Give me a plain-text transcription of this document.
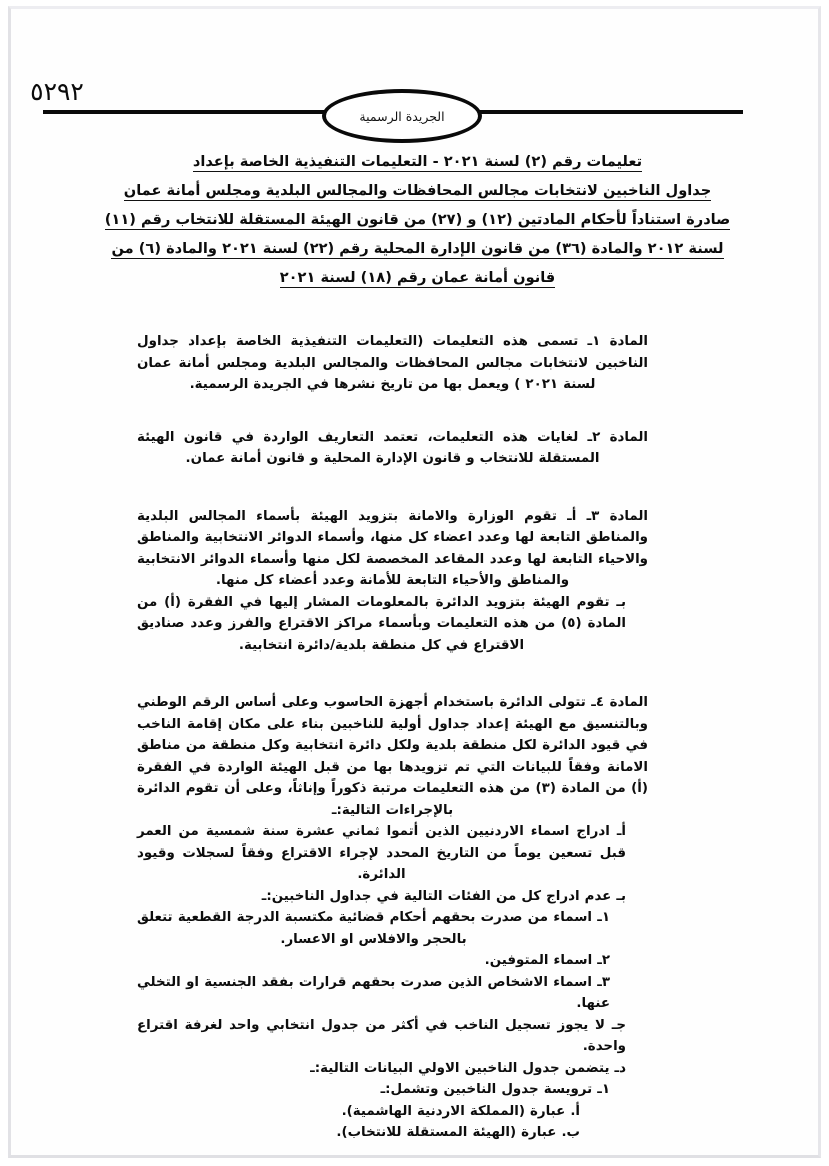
٥٢٩٢
الجريدة الرسمية
تعليمات رقم (٢) لسنة ٢٠٢١ - التعليمات التنفيذية الخاصة بإعداد
جداول الناخبين لانتخابات مجالس المحافظات والمجالس البلدية ومجلس أمانة عمان
صادرة استناداً لأحكام المادتين (١٢) و (٢٧) من قانون الهيئة المستقلة للانتخاب رقم (١١)
لسنة ٢٠١٢ والمادة (٣٦) من قانون الإدارة المحلية رقم (٢٢) لسنة ٢٠٢١ والمادة (٦) من
قانون أمانة عمان رقم (١٨) لسنة ٢٠٢١

المادة ١ـ تسمى هذه التعليمات (التعليمات التنفيذية الخاصة بإعداد جداول الناخبين لانتخابات مجالس المحافظات والمجالس البلدية ومجلس أمانة عمان لسنة ٢٠٢١ ) ويعمل بها من تاريخ نشرها في الجريدة الرسمية.

المادة ٢ـ لغايات هذه التعليمات، تعتمد التعاريف الواردة في قانون الهيئة المستقلة للانتخاب و قانون الإدارة المحلية و قانون أمانة عمان.

المادة ٣ـ أـ تقوم الوزارة والامانة بتزويد الهيئة بأسماء المجالس البلدية والمناطق التابعة لها وعدد اعضاء كل منها، وأسماء الدوائر الانتخابية والمناطق والاحياء التابعة لها وعدد المقاعد المخصصة لكل منها وأسماء الدوائر الانتخابية والمناطق والأحياء التابعة للأمانة وعدد أعضاء كل منها.

بـ تقوم الهيئة بتزويد الدائرة بالمعلومات المشار إليها في الفقرة (أ) من المادة (٥) من هذه التعليمات وبأسماء مراكز الاقتراع والفرز وعدد صناديق الاقتراع في كل منطقة بلدية/دائرة انتخابية.

المادة ٤ـ تتولى الدائرة باستخدام أجهزة الحاسوب وعلى أساس الرقم الوطني وبالتنسيق مع الهيئة إعداد جداول أولية للناخبين بناء على مكان إقامة الناخب في قيود الدائرة لكل منطقة بلدية ولكل دائرة انتخابية وكل منطقة من مناطق الامانة وفقاً للبيانات التي تم تزويدها بها من قبل الهيئة الواردة في الفقرة (أ) من المادة (٣) من هذه التعليمات مرتبة ذكوراً وإناثاً، وعلى أن تقوم الدائرة بالإجراءات التالية:ـ

أـ ادراج اسماء الاردنيين الذين أتموا ثماني عشرة سنة شمسية من العمر قبل تسعين يوماً من التاريخ المحدد لإجراء الاقتراع وفقاً لسجلات وقيود الدائرة.

بـ عدم ادراج كل من الفئات التالية في جداول الناخبين:ـ

١ـ اسماء من صدرت بحقهم أحكام قضائية مكتسبة الدرجة القطعية تتعلق بالحجر والافلاس او الاعسار.

٢ـ اسماء المتوفين.

٣ـ اسماء الاشخاص الذين صدرت بحقهم قرارات بفقد الجنسية او التخلي عنها.

جـ لا يجوز تسجيل الناخب في أكثر من جدول انتخابي واحد لغرفة اقتراع واحدة.

دـ يتضمن جدول الناخبين الاولي البيانات التالية:ـ

١ـ ترويسة جدول الناخبين وتشمل:ـ

أ. عبارة (المملكة الاردنية الهاشمية).

ب. عبارة (الهيئة المستقلة للانتخاب).
